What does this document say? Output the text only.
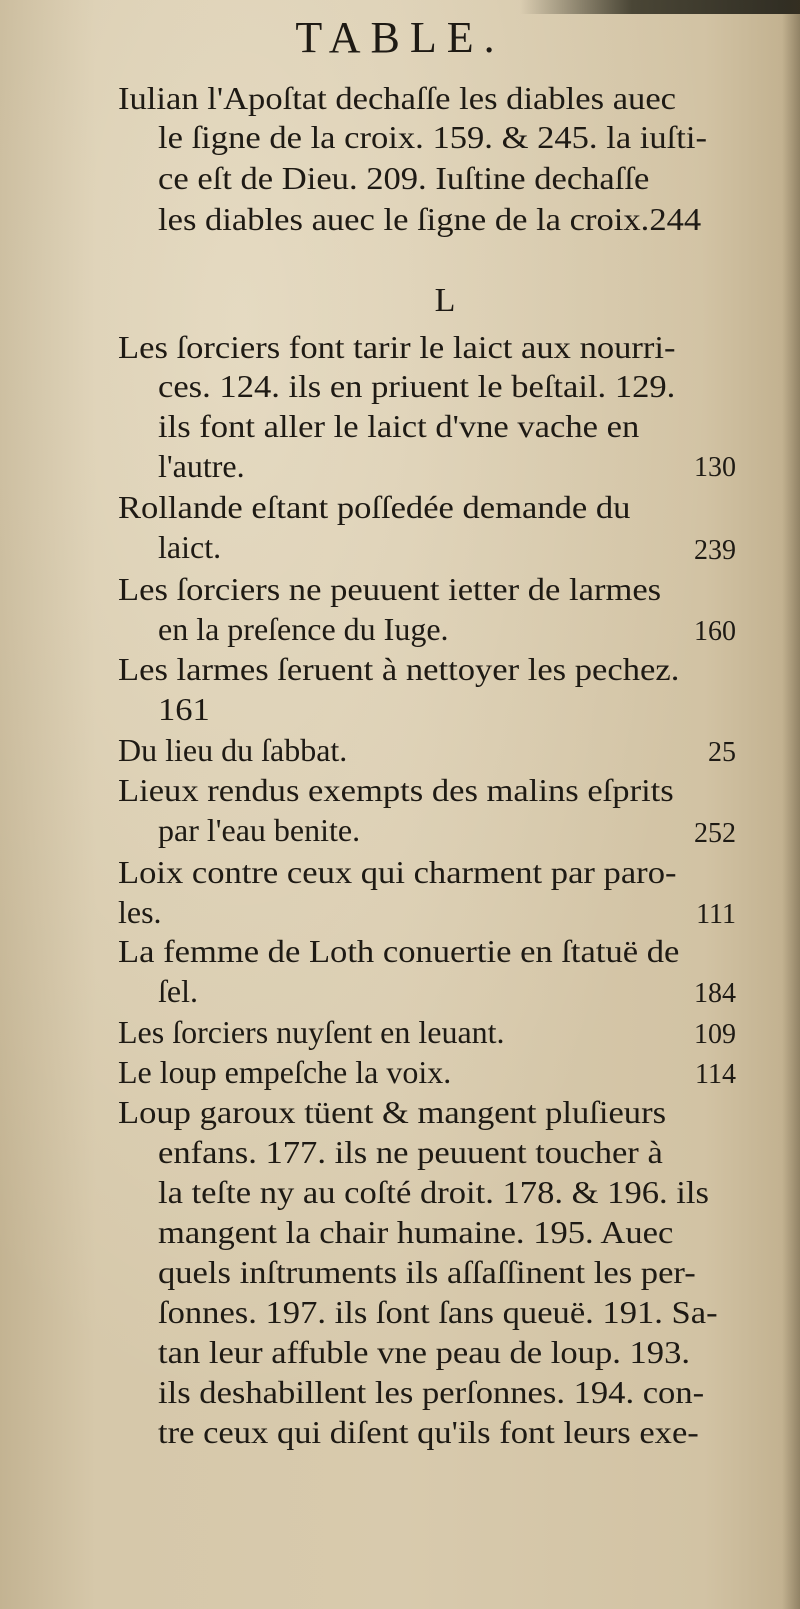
TABLE.
Iulian l'Apoſtat dechaſſe les diables auec
le ſigne de la croix. 159. & 245. la iuſti-
ce eſt de Dieu. 209. Iuſtine dechaſſe
les diables auec le ſigne de la croix.244
L
Les ſorciers font tarir le laict aux nourri-
ces. 124. ils en priuent le beſtail. 129.
ils font aller le laict d'vne vache en
l'autre.	130
Rollande eſtant poſſedée demande du
laict.	239
Les ſorciers ne peuuent ietter de larmes
en la preſence du Iuge.	160
Les larmes ſeruent à nettoyer les pechez.
161
Du lieu du ſabbat.	25
Lieux rendus exempts des malins eſprits
par l'eau benite.	252
Loix contre ceux qui charment par paro-
les.	111
La femme de Loth conuertie en ſtatuë de
ſel.	184
Les ſorciers nuyſent en leuant.	109
Le loup empeſche la voix.	114
Loup garoux tüent & mangent pluſieurs
enfans. 177. ils ne peuuent toucher à
la teſte ny au coſté droit. 178. & 196. ils
mangent la chair humaine. 195. Auec
quels inſtruments ils aſſaſſinent les per-
ſonnes. 197. ils ſont ſans queuë. 191. Sa-
tan leur affuble vne peau de loup. 193.
ils deshabillent les perſonnes. 194. con-
tre ceux qui diſent qu'ils font leurs exe-
